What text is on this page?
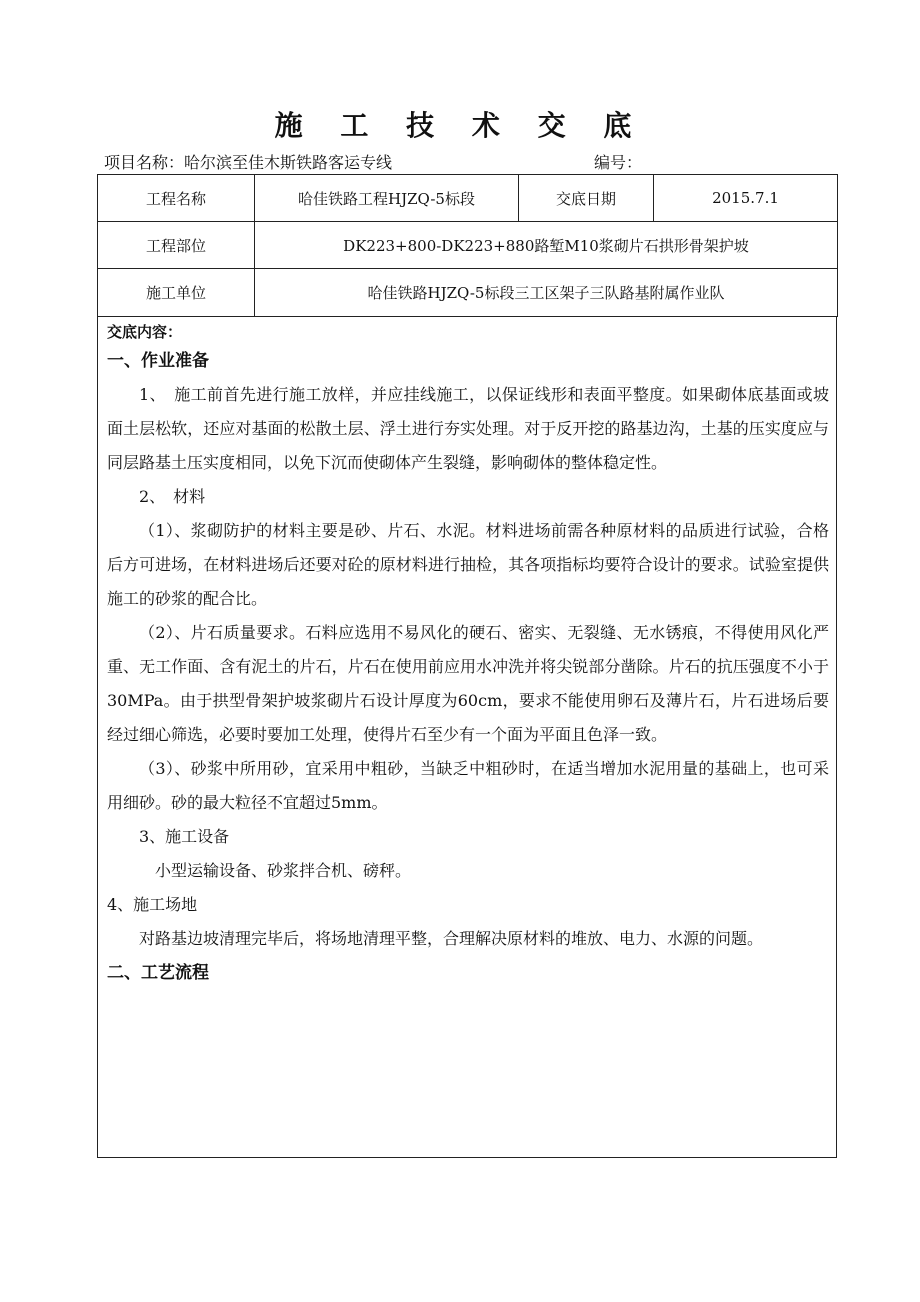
施 工 技 术 交 底
项目名称：哈尔滨至佳木斯铁路客运专线	编号：
工程名称	哈佳铁路工程HJZQ-5标段	交底日期	2015.7.1
工程部位	DK223+800-DK223+880路堑M10浆砌片石拱形骨架护坡		
施工单位	哈佳铁路HJZQ-5标段三工区架子三队路基附属作业队		
交底内容：

一、作业准备

1、　施工前首先进行施工放样，并应挂线施工，以保证线形和表面平整度。如果砌体底基面或坡面土层松软，还应对基面的松散土层、浮土进行夯实处理。对于反开挖的路基边沟，土基的压实度应与同层路基土压实度相同，以免下沉而使砌体产生裂缝，影响砌体的整体稳定性。

2、　材料

（1）、浆砌防护的材料主要是砂、片石、水泥。材料进场前需各种原材料的品质进行试验，合格后方可进场，在材料进场后还要对砼的原材料进行抽检，其各项指标均要符合设计的要求。试验室提供施工的砂浆的配合比。

（2）、片石质量要求。石料应选用不易风化的硬石、密实、无裂缝、无水锈痕，不得使用风化严重、无工作面、含有泥土的片石，片石在使用前应用水冲洗并将尖锐部分凿除。片石的抗压强度不小于30MPa。由于拱型骨架护坡浆砌片石设计厚度为60cm，要求不能使用卵石及薄片石，片石进场后要经过细心筛选，必要时要加工处理，使得片石至少有一个面为平面且色泽一致。

（3）、砂浆中所用砂，宜采用中粗砂，当缺乏中粗砂时，在适当增加水泥用量的基础上，也可采用细砂。砂的最大粒径不宜超过5mm。

3、施工设备

小型运输设备、砂浆拌合机、磅秤。

4、施工场地

对路基边坡清理完毕后，将场地清理平整，合理解决原材料的堆放、电力、水源的问题。

二、工艺流程
